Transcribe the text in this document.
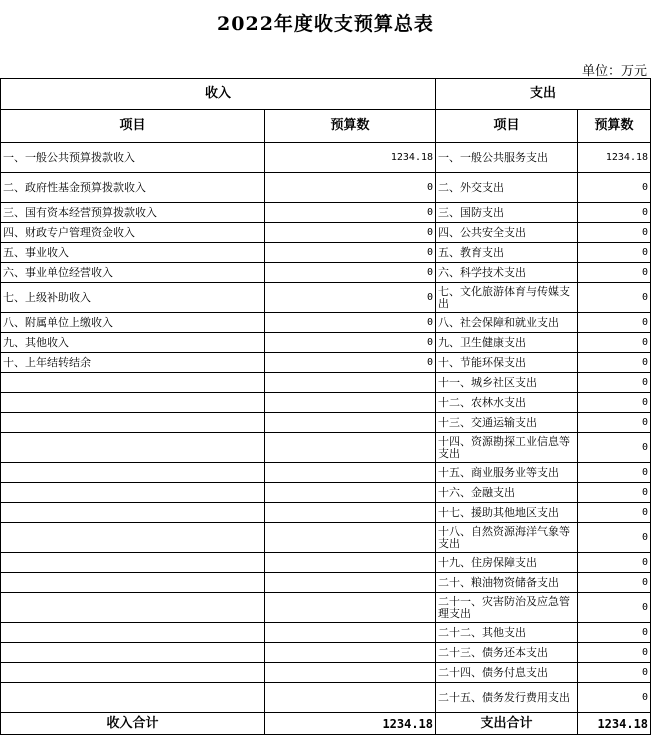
2022年度收支预算总表
单位：万元
收入		支出	
项目	预算数	项目	预算数
一、一般公共预算拨款收入	1234.18	一、一般公共服务支出	1234.18
二、政府性基金预算拨款收入	0	二、外交支出	0
三、国有资本经营预算拨款收入	0	三、国防支出	0
四、财政专户管理资金收入	0	四、公共安全支出	0
五、事业收入	0	五、教育支出	0
六、事业单位经营收入	0	六、科学技术支出	0
七、上级补助收入	0	七、文化旅游体育与传媒支出	0
八、附属单位上缴收入	0	八、社会保障和就业支出	0
九、其他收入	0	九、卫生健康支出	0
十、上年结转结余	0	十、节能环保支出	0
		十一、城乡社区支出	0
		十二、农林水支出	0
		十三、交通运输支出	0
		十四、资源勘探工业信息等支出	0
		十五、商业服务业等支出	0
		十六、金融支出	0
		十七、援助其他地区支出	0
		十八、自然资源海洋气象等支出	0
		十九、住房保障支出	0
		二十、粮油物资储备支出	0
		二十一、灾害防治及应急管理支出	0
		二十二、其他支出	0
		二十三、债务还本支出	0
		二十四、债务付息支出	0
		二十五、债务发行费用支出	0
收入合计	1234.18	支出合计	1234.18
